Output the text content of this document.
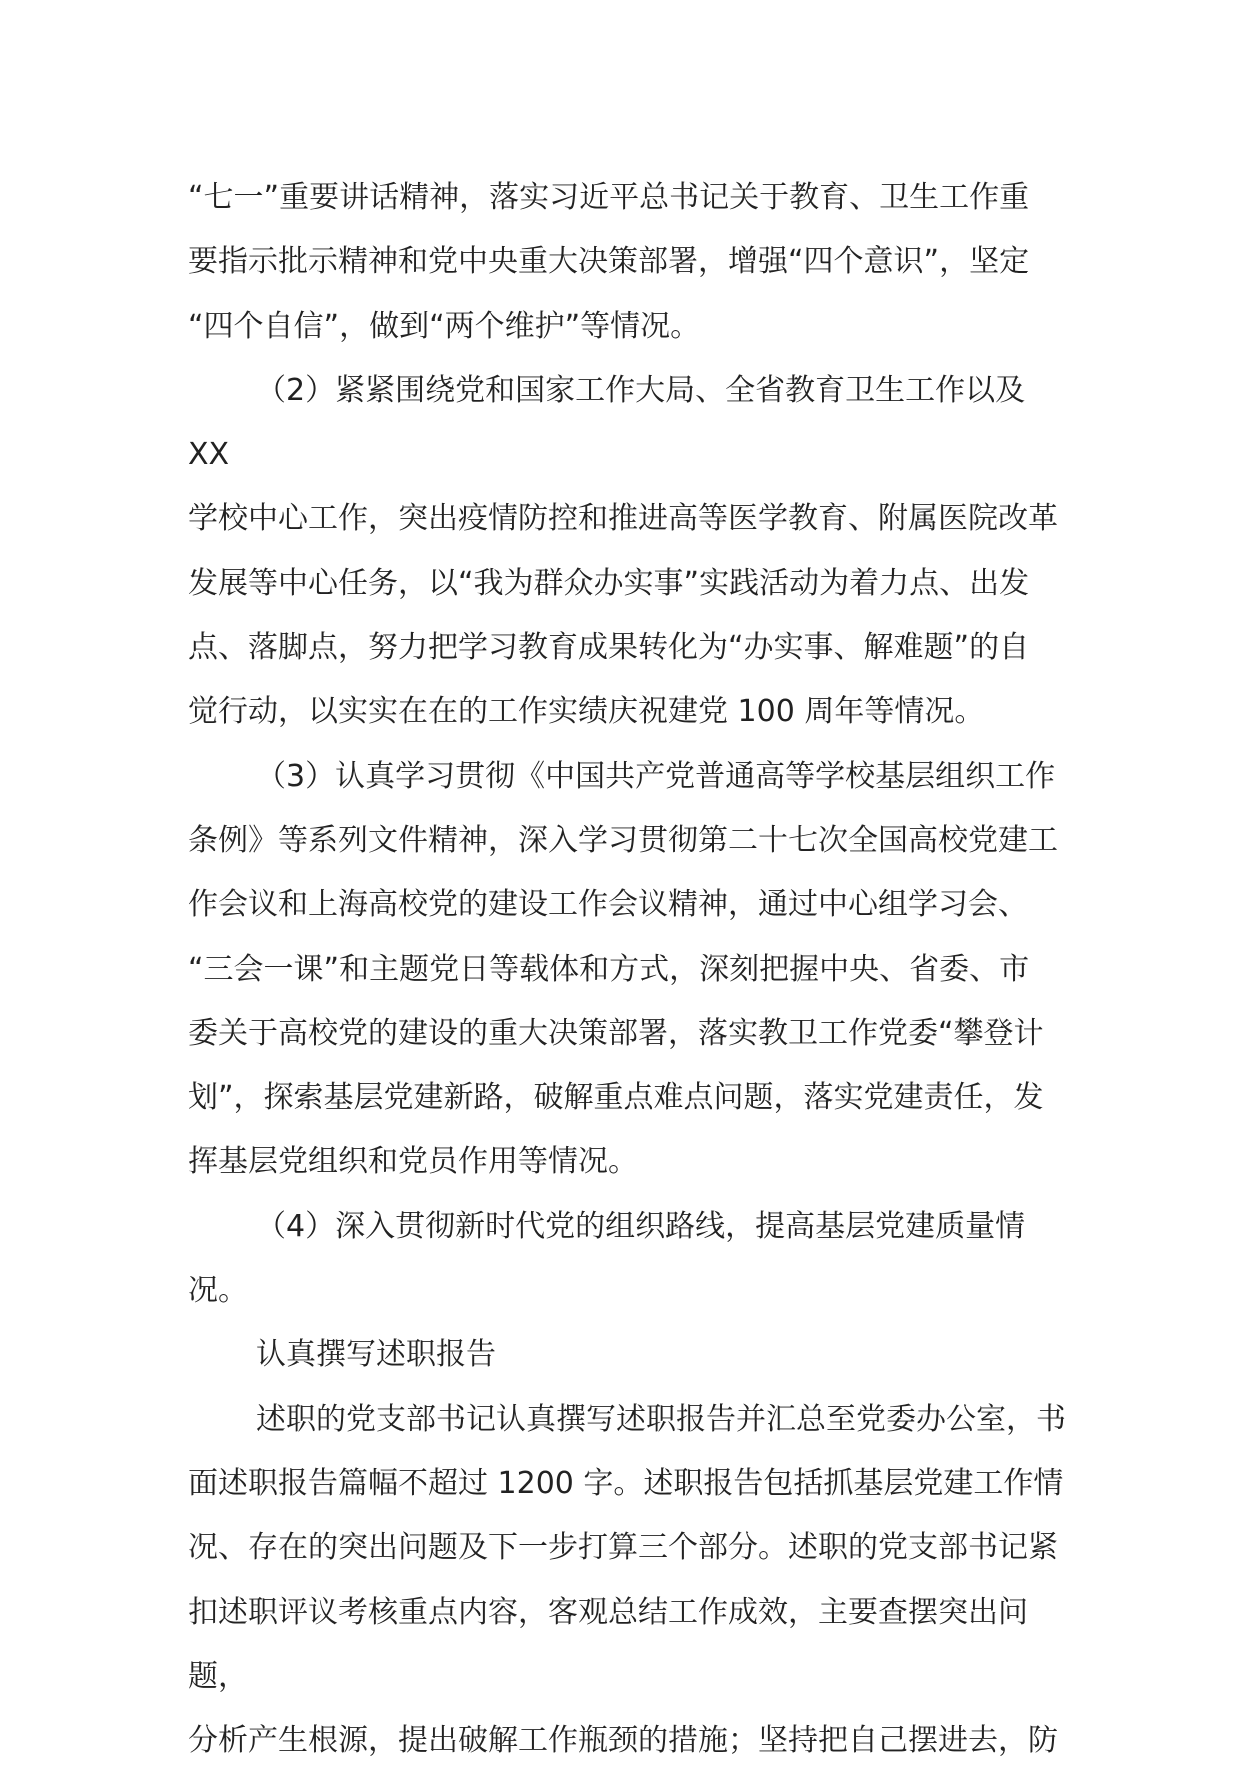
“七一”重要讲话精神，落实习近平总书记关于教育、卫生工作重
要指示批示精神和党中央重大决策部署，增强“四个意识”，坚定
“四个自信”，做到“两个维护”等情况。

（2）紧紧围绕党和国家工作大局、全省教育卫生工作以及 XX
学校中心工作，突出疫情防控和推进高等医学教育、附属医院改革
发展等中心任务，以“我为群众办实事”实践活动为着力点、出发
点、落脚点，努力把学习教育成果转化为“办实事、解难题”的自
觉行动，以实实在在的工作实绩庆祝建党 100 周年等情况。

（3）认真学习贯彻《中国共产党普通高等学校基层组织工作
条例》等系列文件精神，深入学习贯彻第二十七次全国高校党建工
作会议和上海高校党的建设工作会议精神，通过中心组学习会、
“三会一课”和主题党日等载体和方式，深刻把握中央、省委、市
委关于高校党的建设的重大决策部署，落实教卫工作党委“攀登计
划”，探索基层党建新路，破解重点难点问题，落实党建责任，发
挥基层党组织和党员作用等情况。

（4）深入贯彻新时代党的组织路线，提高基层党建质量情况。

认真撰写述职报告

述职的党支部书记认真撰写述职报告并汇总至党委办公室，书
面述职报告篇幅不超过 1200 字。述职报告包括抓基层党建工作情
况、存在的突出问题及下一步打算三个部分。述职的党支部书记紧
扣述职评议考核重点内容，客观总结工作成效，主要查摆突出问题，
分析产生根源，提出破解工作瓶颈的措施；坚持把自己摆进去，防
